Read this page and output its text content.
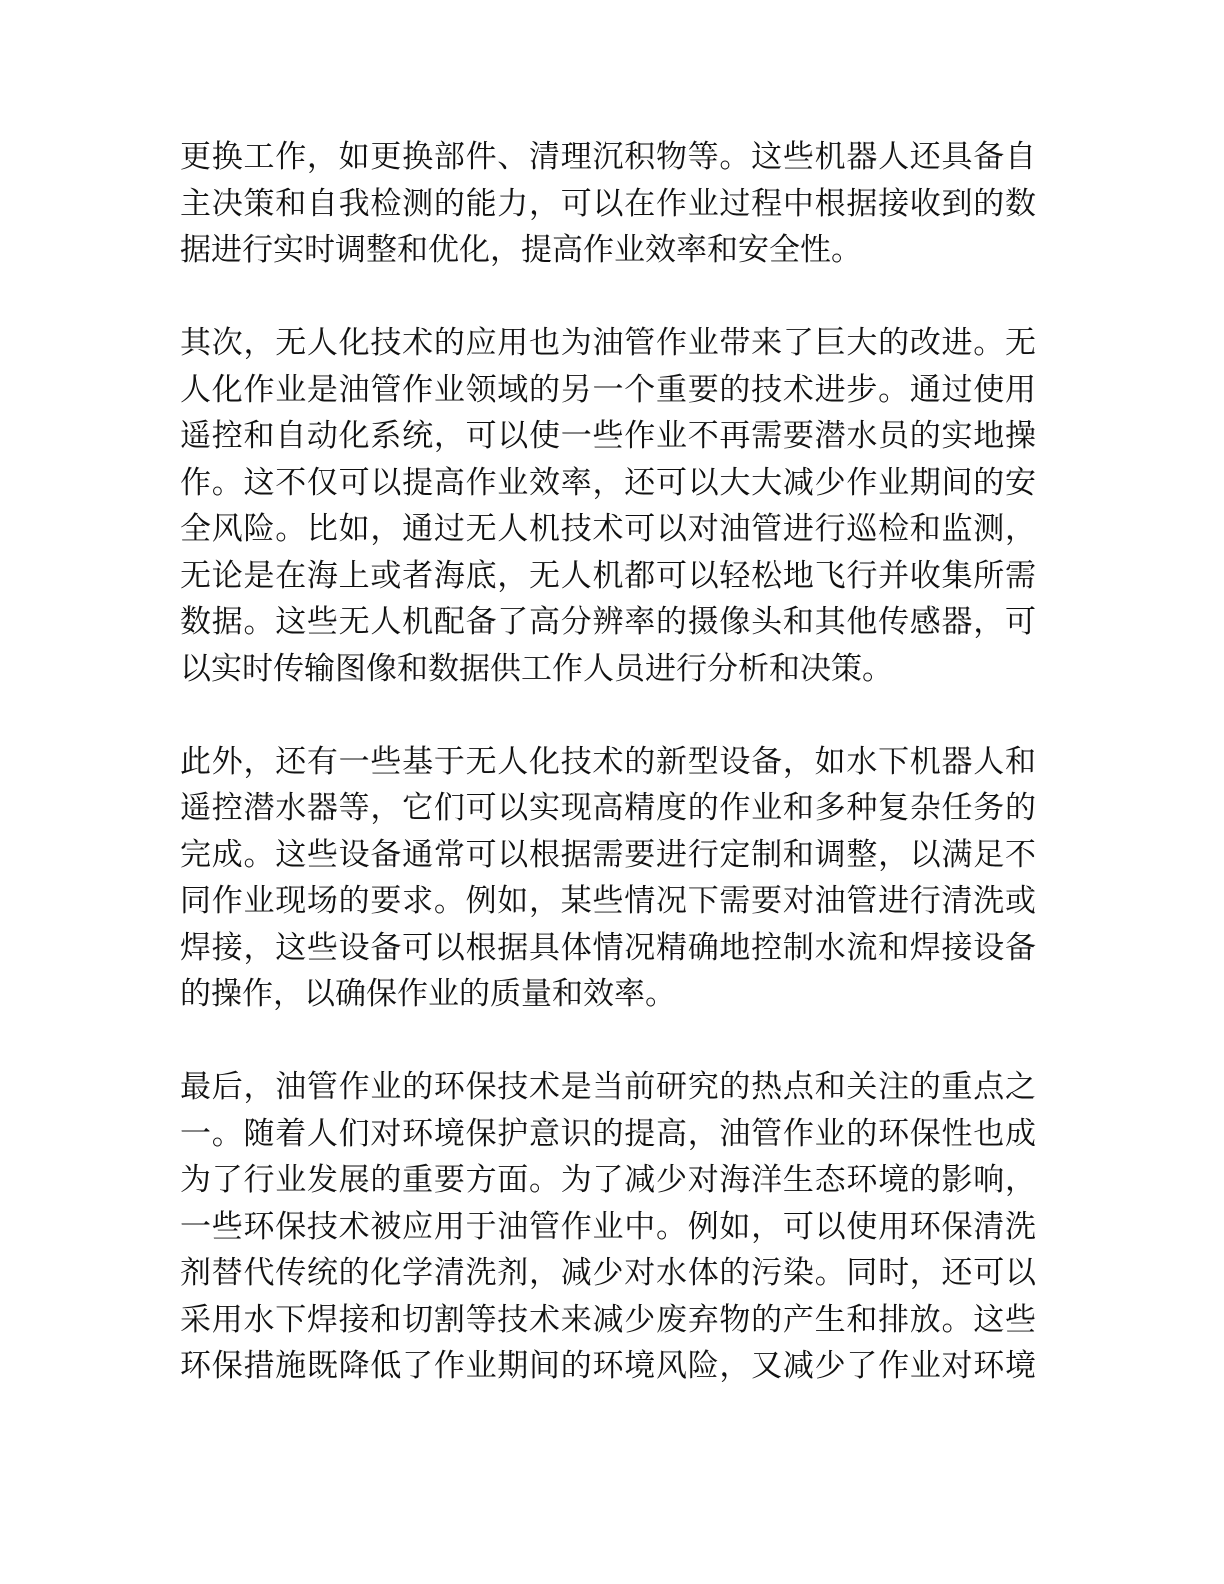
更换工作，如更换部件、清理沉积物等。这些机器人还具备自
主决策和自我检测的能力，可以在作业过程中根据接收到的数
据进行实时调整和优化，提高作业效率和安全性。

其次，无人化技术的应用也为油管作业带来了巨大的改进。无
人化作业是油管作业领域的另一个重要的技术进步。通过使用
遥控和自动化系统，可以使一些作业不再需要潜水员的实地操
作。这不仅可以提高作业效率，还可以大大减少作业期间的安
全风险。比如，通过无人机技术可以对油管进行巡检和监测，
无论是在海上或者海底，无人机都可以轻松地飞行并收集所需
数据。这些无人机配备了高分辨率的摄像头和其他传感器，可
以实时传输图像和数据供工作人员进行分析和决策。

此外，还有一些基于无人化技术的新型设备，如水下机器人和
遥控潜水器等，它们可以实现高精度的作业和多种复杂任务的
完成。这些设备通常可以根据需要进行定制和调整，以满足不
同作业现场的要求。例如，某些情况下需要对油管进行清洗或
焊接，这些设备可以根据具体情况精确地控制水流和焊接设备
的操作，以确保作业的质量和效率。

最后，油管作业的环保技术是当前研究的热点和关注的重点之
一。随着人们对环境保护意识的提高，油管作业的环保性也成
为了行业发展的重要方面。为了减少对海洋生态环境的影响，
一些环保技术被应用于油管作业中。例如，可以使用环保清洗
剂替代传统的化学清洗剂，减少对水体的污染。同时，还可以
采用水下焊接和切割等技术来减少废弃物的产生和排放。这些
环保措施既降低了作业期间的环境风险，又减少了作业对环境
